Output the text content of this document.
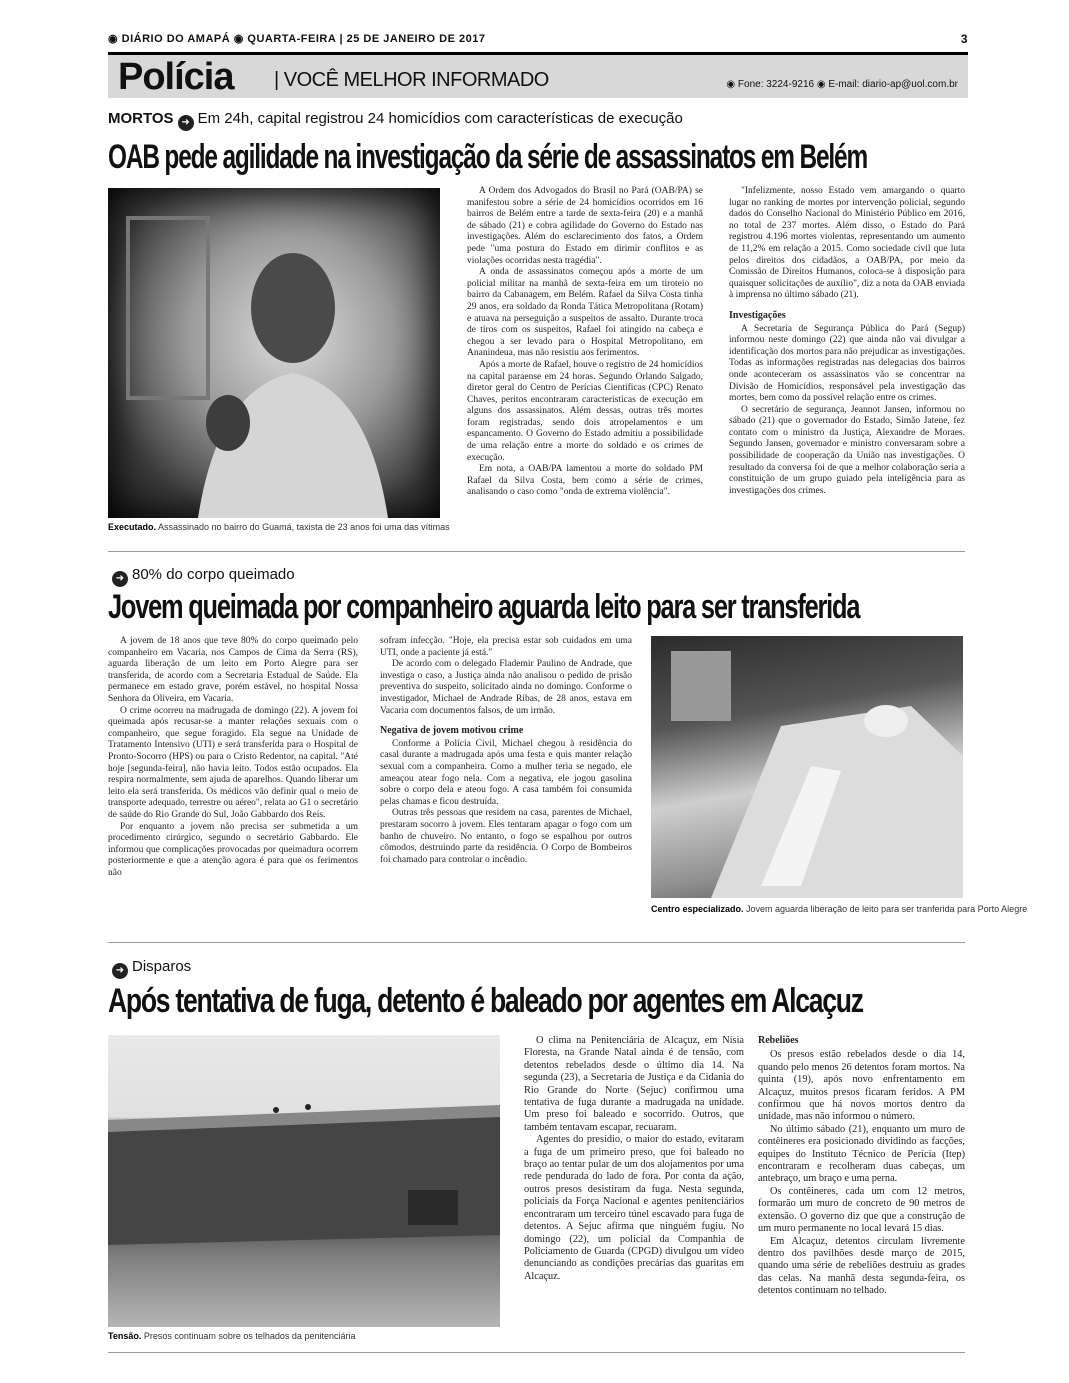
◉ DIÁRIO DO AMAPÁ ◉ QUARTA-FEIRA | 25 DE JANEIRO DE 2017	3
Polícia | VOCÊ MELHOR INFORMADO	◉ Fone: 3224-9216 ◉ E-mail: diario-ap@uol.com.br
MORTOS ➜ Em 24h, capital registrou 24 homicídios com características de execução
OAB pede agilidade na investigação da série de assassinatos em Belém
Executado. Assassinado no bairro do Guamá, taxista de 23 anos foi uma das vítimas

A Ordem dos Advogados do Brasil no Pará (OAB/PA) se manifestou sobre a série de 24 homicídios ocorridos em 16 bairros de Belém entre a tarde de sexta-feira (20) e a manhã de sábado (21) e cobra agilidade do Governo do Estado nas investigações. Além do esclarecimento dos fatos, a Ordem pede "uma postura do Estado em dirimir conflitos e as violações ocorridas nesta tragédia".

A onda de assassinatos começou após a morte de um policial militar na manhã de sexta-feira em um tiroteio no bairro da Cabanagem, em Belém. Rafael da Silva Costa tinha 29 anos, era soldado da Ronda Tática Metropolitana (Rotam) e atuava na perseguição a suspeitos de assalto. Durante troca de tiros com os suspeitos, Rafael foi atingido na cabeça e chegou a ser levado para o Hospital Metropolitano, em Ananindeua, mas não resistiu aos ferimentos.

Após a morte de Rafael, houve o registro de 24 homicídios na capital paraense em 24 horas. Segundo Orlando Salgado, diretor geral do Centro de Perícias Científicas (CPC) Renato Chaves, peritos encontraram características de execução em alguns dos assassinatos. Além dessas, outras três mortes foram registradas, sendo dois atropelamentos e um espancamento. O Governo do Estado admitiu a possibilidade de uma relação entre a morte do soldado e os crimes de execução.

Em nota, a OAB/PA lamentou a morte do soldado PM Rafael da Silva Costa, bem como a série de crimes, analisando o caso como "onda de extrema violência".

"Infelizmente, nosso Estado vem amargando o quarto lugar no ranking de mortes por intervenção policial, segundo dados do Conselho Nacional do Ministério Público em 2016, no total de 237 mortes. Além disso, o Estado do Pará registrou 4.196 mortes violentas, representando um aumento de 11,2% em relação a 2015. Como sociedade civil que luta pelos direitos dos cidadãos, a OAB/PA, por meio da Comissão de Direitos Humanos, coloca-se à disposição para quaisquer solicitações de auxílio", diz a nota da OAB enviada à imprensa no último sábado (21).

Investigações

A Secretaria de Segurança Pública do Pará (Segup) informou neste domingo (22) que ainda não vai divulgar a identificação dos mortos para não prejudicar as investigações. Todas as informações registradas nas delegacias dos bairros onde aconteceram os assassinatos vão se concentrar na Divisão de Homicídios, responsável pela investigação das mortes, bem como da possível relação entre os crimes.

O secretário de segurança, Jeannot Jansen, informou no sábado (21) que o governador do Estado, Simão Jatene, fez contato com o ministro da Justiça, Alexandre de Moraes. Segundo Jansen, governador e ministro conversaram sobre a possibilidade de cooperação da União nas investigações. O resultado da conversa foi de que a melhor colaboração seria a constituição de um grupo guiado pela inteligência para as investigações dos crimes.

➜ 80% do corpo queimado
Jovem queimada por companheiro aguarda leito para ser transferida

A jovem de 18 anos que teve 80% do corpo queimado pelo companheiro em Vacaria, nos Campos de Cima da Serra (RS), aguarda liberação de um leito em Porto Alegre para ser transferida, de acordo com a Secretaria Estadual de Saúde. Ela permanece em estado grave, porém estável, no hospital Nossa Senhora da Oliveira, em Vacaria.

O crime ocorreu na madrugada de domingo (22). A jovem foi queimada após recusar-se a manter relações sexuais com o companheiro, que segue foragido. Ela segue na Unidade de Tratamento Intensivo (UTI) e será transferida para o Hospital de Pronto-Socorro (HPS) ou para o Cristo Redentor, na capital. "Até hoje [segunda-feira], não havia leito. Todos estão ocupados. Ela respira normalmente, sem ajuda de aparelhos. Quando liberar um leito ela será transferida. Os médicos vão definir qual o meio de transporte adequado, terrestre ou aéreo", relata ao G1 o secretário de saúde do Rio Grande do Sul, João Gabbardo dos Reis.

Por enquanto a jovem não precisa ser submetida a um procedimento cirúrgico, segundo o secretário Gabbardo. Ele informou que complicações provocadas por queimadura ocorrem posteriormente e que a atenção agora é para que os ferimentos não

sofram infecção. "Hoje, ela precisa estar sob cuidados em uma UTI, onde a paciente já está."

De acordo com o delegado Flademir Paulino de Andrade, que investiga o caso, a Justiça ainda não analisou o pedido de prisão preventiva do suspeito, solicitado ainda no domingo. Conforme o investigador, Michael de Andrade Ribas, de 28 anos, estava em Vacaria com documentos falsos, de um irmão.

Negativa de jovem motivou crime

Conforme a Polícia Civil, Michael chegou à residência do casal durante a madrugada após uma festa e quis manter relação sexual com a companheira. Como a mulher teria se negado, ele ameaçou atear fogo nela. Com a negativa, ele jogou gasolina sobre o corpo dela e ateou fogo. A casa também foi consumida pelas chamas e ficou destruída.

Outras três pessoas que residem na casa, parentes de Michael, prestaram socorro à jovem. Eles tentaram apagar o fogo com um banho de chuveiro. No entanto, o fogo se espalhou por outros cômodos, destruindo parte da residência. O Corpo de Bombeiros foi chamado para controlar o incêndio.

Centro especializado. Jovem aguarda liberação de leito para ser tranferida para Porto Alegre
➜ Disparos
Após tentativa de fuga, detento é baleado por agentes em Alcaçuz
Tensão. Presos continuam sobre os telhados da penitenciária

O clima na Penitenciária de Alcaçuz, em Nísia Floresta, na Grande Natal ainda é de tensão, com detentos rebelados desde o último dia 14. Na segunda (23), a Secretaria de Justiça e da Cidania do Rio Grande do Norte (Sejuc) confirmou uma tentativa de fuga durante a madrugada na unidade. Um preso foi baleado e socorrido. Outros, que também tentavam escapar, recuaram.

Agentes do presídio, o maior do estado, evitaram a fuga de um primeiro preso, que foi baleado no braço ao tentar pular de um dos alojamentos por uma rede pendurada do lado de fora. Por conta da ação, outros presos desistiram da fuga. Nesta segunda, policiais da Força Nacional e agentes penitenciários encontraram um terceiro túnel escavado para fuga de detentos. A Sejuc afirma que ninguém fugiu. No domingo (22), um policial da Companhia de Policiamento de Guarda (CPGD) divulgou um vídeo denunciando as condições precárias das guaritas em Alcaçuz.

Rebeliões

Os presos estão rebelados desde o dia 14, quando pelo menos 26 detentos foram mortos. Na quinta (19), após novo enfrentamento em Alcaçuz, muitos presos ficaram feridos. A PM confirmou que há novos mortos dentro da unidade, mas não informou o número.

No último sábado (21), enquanto um muro de contêineres era posicionado dividindo as facções, equipes do Instituto Técnico de Perícia (Itep) encontraram e recolheram duas cabeças, um antebraço, um braço e uma perna.

Os contêineres, cada um com 12 metros, formarão um muro de concreto de 90 metros de extensão. O governo diz que que a construção de um muro permanente no local levará 15 dias.

Em Alcaçuz, detentos circulam livremente dentro dos pavilhões desde março de 2015, quando uma série de rebeliões destruiu as grades das celas. Na manhã desta segunda-feira, os detentos continuam no telhado.
